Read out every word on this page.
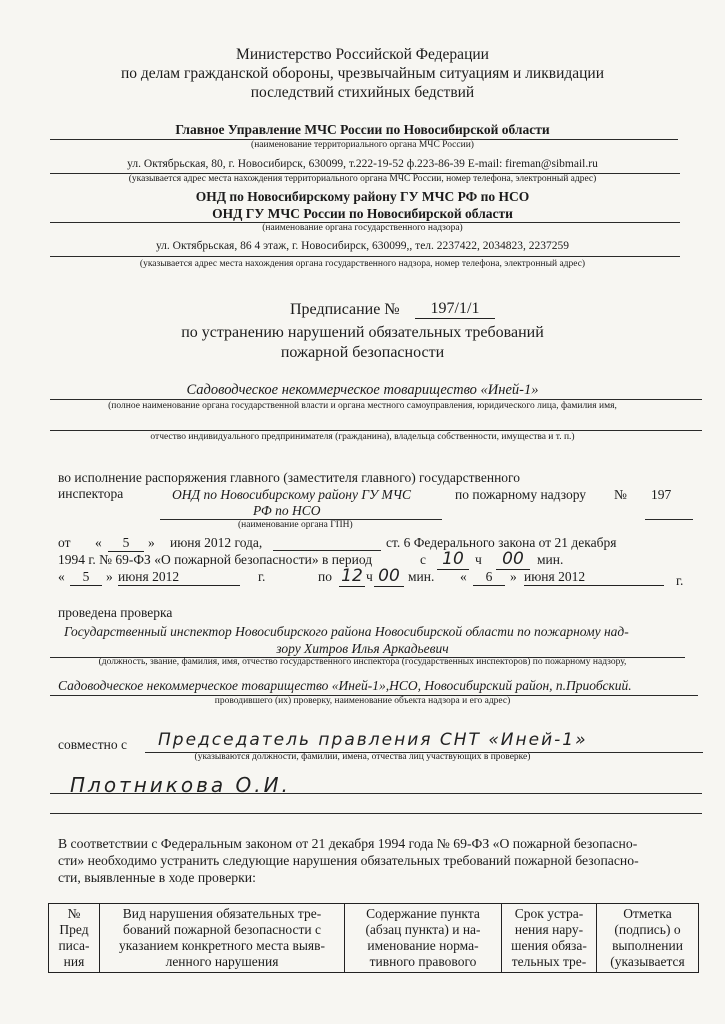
Министерство Российской Федерации
по делам гражданской обороны, чрезвычайным ситуациям и ликвидации
последствий стихийных бедствий
Главное Управление МЧС России по Новосибирской области
(наименование территориального органа МЧС России)
ул. Октябрьская, 80, г. Новосибирск, 630099, т.222-19-52 ф.223-86-39 E-mail: fireman@sibmail.ru
(указывается адрес места нахождения территориального органа МЧС России, номер телефона, электронный адрес)
ОНД по Новосибирскому району ГУ МЧС РФ по НСО
ОНД ГУ МЧС России по Новосибирской области
(наименование органа государственного надзора)
ул. Октябрьская, 86 4 этаж, г. Новосибирск, 630099,, тел. 2237422, 2034823, 2237259
(указывается адрес места нахождения органа государственного надзора, номер телефона, электронный адрес)
Предписание №	197/1/1
по устранению нарушений обязательных требований
пожарной безопасности
Садоводческое некоммерческое товарищество «Иней-1»
(полное наименование органа государственной власти и органа местного самоуправления, юридического лица, фамилия имя,
отчество индивидуального предпринимателя (гражданина), владельца собственности, имущества и т. п.)
во исполнение распоряжения главного (заместителя главного) государственного
инспектора	ОНД по Новосибирскому району ГУ МЧС	по пожарному надзору № 197
РФ по НСО
(наименование органа ГПН)
от «	5	» июня 2012 года,	ст. 6 Федерального закона от 21 декабря
1994 г. № 69-ФЗ «О пожарной безопасности» в период	с 10 ч	00 мин.
«	5	» июня 2012	г.	по 12 ч 00 мин. «	6	» июня 2012	г.
проведена проверка
Государственный инспектор Новосибирского района Новосибирской области по пожарному над-
зору Хитров Илья Аркадьевич
(должность, звание, фамилия, имя, отчество государственного инспектора (государственных инспекторов) по пожарному надзору,
Садоводческое некоммерческое товарищество «Иней-1»,НСО, Новосибирский район, п.Приобский.
проводившего (их) проверку, наименование объекта надзора и его адрес)
совместно с Председатель правления СНТ «Иней-1»
(указываются должности, фамилии, имена, отчества лиц участвующих в проверке)
Плотникова О.И.
В соответствии с Федеральным законом от 21 декабря 1994 года № 69-ФЗ «О пожарной безопасно-
сти» необходимо устранить следующие нарушения обязательных требований пожарной безопасно-
сти, выявленные в ходе проверки:
№ Пред писа-ния	Вид нарушения обязательных тре-бований пожарной безопасности с указанием конкретного места выяв-ленного нарушения	Содержание пункта (абзац пункта) и на-именование норма-тивного правового	Срок устра-нения нару-шения обяза-тельных тре-	Отметка (подпись) о выполнении (указывается
